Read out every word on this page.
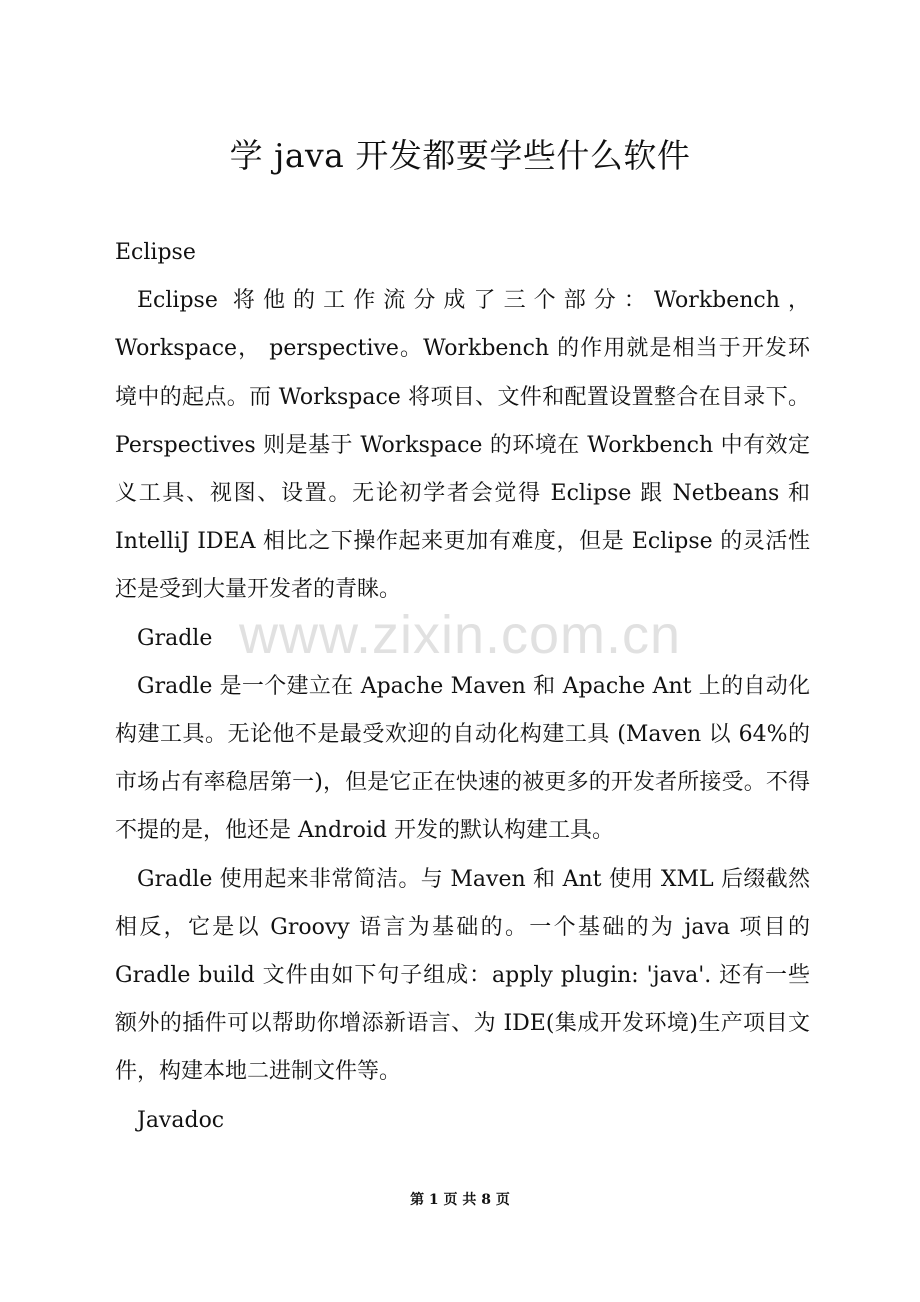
学 java 开发都要学些什么软件

Eclipse

Eclipse 将他的工作流分成了三个部分：Workbench， Workspace， perspective。Workbench 的作用就是相当于开发环境中的起点。而 Workspace 将项目、文件和配置设置整合在目录下。Perspectives 则是基于 Workspace 的环境在 Workbench 中有效定义工具、视图、设置。无论初学者会觉得 Eclipse 跟 Netbeans 和 IntelliJ IDEA 相比之下操作起来更加有难度，但是 Eclipse 的灵活性还是受到大量开发者的青睐。

Gradle

Gradle 是一个建立在 Apache Maven 和 Apache Ant 上的自动化构建工具。无论他不是最受欢迎的自动化构建工具 (Maven 以 64%的市场占有率稳居第一)，但是它正在快速的被更多的开发者所接受。不得不提的是，他还是 Android 开发的默认构建工具。

Gradle 使用起来非常简洁。与 Maven 和 Ant 使用 XML 后缀截然相反，它是以 Groovy 语言为基础的。一个基础的为 java 项目的 Gradle build 文件由如下句子组成：apply plugin: 'java'. 还有一些额外的插件可以帮助你增添新语言、为 IDE(集成开发环境)生产项目文件，构建本地二进制文件等。

Javadoc

www.zixin.com.cn
第 1 页 共 8 页
